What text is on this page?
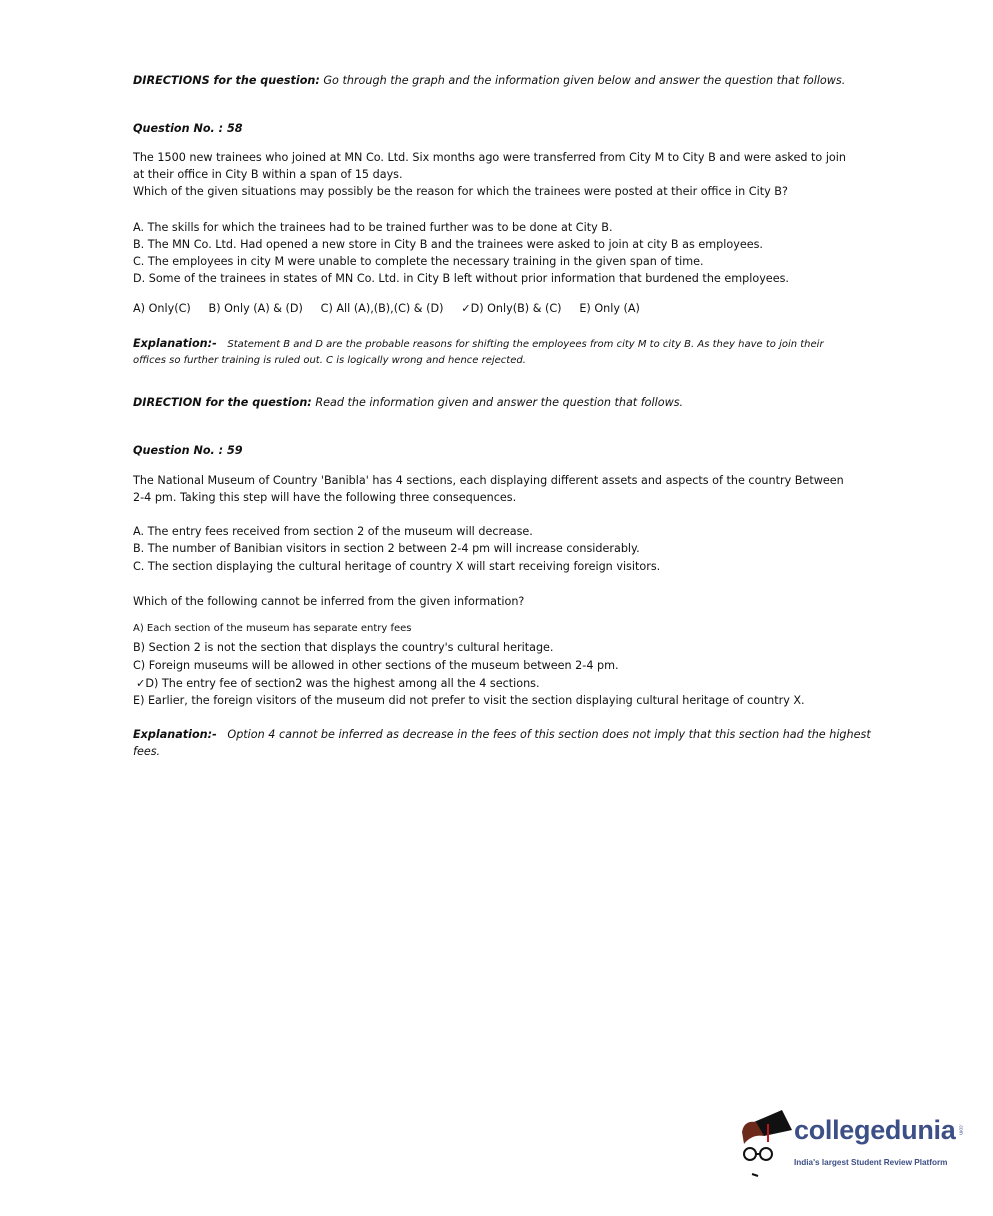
DIRECTIONS for the question: Go through the graph and the information given below and answer the question that follows.
Question No. : 58
The 1500 new trainees who joined at MN Co. Ltd. Six months ago were transferred from City M to City B and were asked to join
at their office in City B within a span of 15 days.
Which of the given situations may possibly be the reason for which the trainees were posted at their office in City B?
A. The skills for which the trainees had to be trained further was to be done at City B.
B. The MN Co. Ltd. Had opened a new store in City B and the trainees were asked to join at city B as employees.
C. The employees in city M were unable to complete the necessary training in the given span of time.
D. Some of the trainees in states of MN Co. Ltd. in City B left without prior information that burdened the employees.
A) Only(C) B) Only (A) & (D) C) All (A),(B),(C) & (D) ✓D) Only(B) & (C) E) Only (A)
Explanation:- Statement B and D are the probable reasons for shifting the employees from city M to city B. As they have to join their
offices so further training is ruled out. C is logically wrong and hence rejected.
DIRECTION for the question: Read the information given and answer the question that follows.
Question No. : 59
The National Museum of Country 'Banibla' has 4 sections, each displaying different assets and aspects of the country Between
2-4 pm. Taking this step will have the following three consequences.
A. The entry fees received from section 2 of the museum will decrease.
B. The number of Banibian visitors in section 2 between 2-4 pm will increase considerably.
C. The section displaying the cultural heritage of country X will start receiving foreign visitors.
Which of the following cannot be inferred from the given information?
A) Each section of the museum has separate entry fees
B) Section 2 is not the section that displays the country's cultural heritage.
C) Foreign museums will be allowed in other sections of the museum between 2-4 pm.
✓D) The entry fee of section2 was the highest among all the 4 sections.
E) Earlier, the foreign visitors of the museum did not prefer to visit the section displaying cultural heritage of country X.
Explanation:- Option 4 cannot be inferred as decrease in the fees of this section does not imply that this section had the highest
fees.
collegedunia .com
India's largest Student Review Platform
